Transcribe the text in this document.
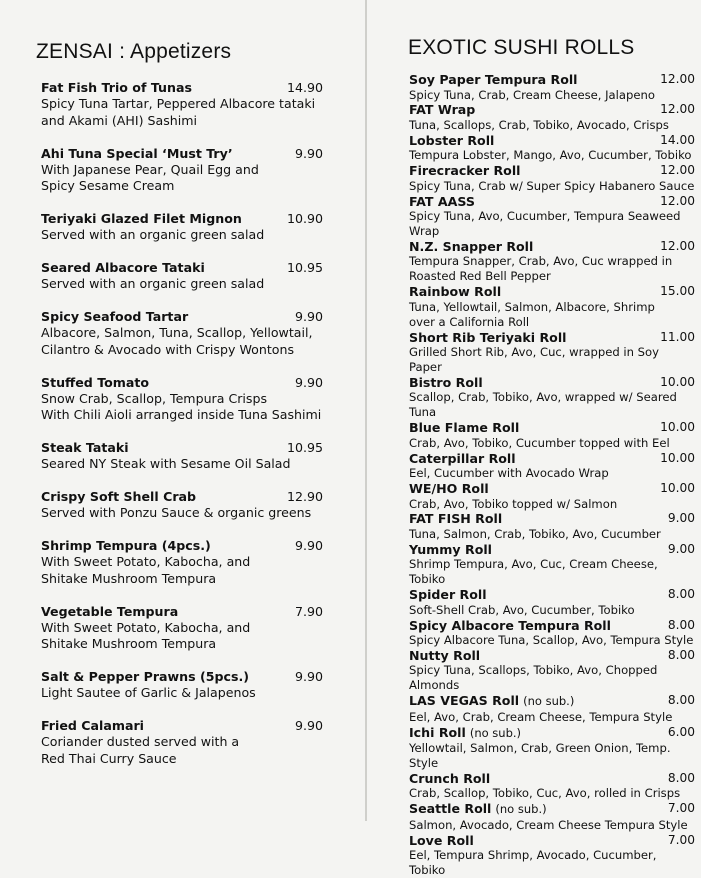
ZENSAI : Appetizers
Fat Fish Trio of Tunas	14.90
Spicy Tuna Tartar, Peppered Albacore tataki
and Akami (AHI) Sashimi
Ahi Tuna Special ‘Must Try’	9.90
With Japanese Pear, Quail Egg and
Spicy Sesame Cream
Teriyaki Glazed Filet Mignon	10.90
Served with an organic green salad
Seared Albacore Tataki	10.95
Served with an organic green salad
Spicy Seafood Tartar	9.90
Albacore, Salmon, Tuna, Scallop, Yellowtail,
Cilantro & Avocado with Crispy Wontons
Stuffed Tomato	9.90
Snow Crab, Scallop, Tempura Crisps
With Chili Aioli arranged inside Tuna Sashimi
Steak Tataki	10.95
Seared NY Steak with Sesame Oil Salad
Crispy Soft Shell Crab	12.90
Served with Ponzu Sauce & organic greens
Shrimp Tempura (4pcs.)	9.90
With Sweet Potato, Kabocha, and
Shitake Mushroom Tempura
Vegetable Tempura	7.90
With Sweet Potato, Kabocha, and
Shitake Mushroom Tempura
Salt & Pepper Prawns (5pcs.)	9.90
Light Sautee of Garlic & Jalapenos
Fried Calamari	9.90
Coriander dusted served with a
Red Thai Curry Sauce
EXOTIC SUSHI ROLLS
Soy Paper Tempura Roll	12.00
Spicy Tuna, Crab, Cream Cheese, Jalapeno
FAT Wrap	12.00
Tuna, Scallops, Crab, Tobiko, Avocado, Crisps
Lobster Roll	14.00
Tempura Lobster, Mango, Avo, Cucumber, Tobiko
Firecracker Roll	12.00
Spicy Tuna, Crab w/ Super Spicy Habanero Sauce
FAT AASS	12.00
Spicy Tuna, Avo, Cucumber, Tempura Seaweed Wrap
N.Z. Snapper Roll	12.00
Tempura Snapper, Crab, Avo, Cuc wrapped in
Roasted Red Bell Pepper
Rainbow Roll	15.00
Tuna, Yellowtail, Salmon, Albacore, Shrimp
over a California Roll
Short Rib Teriyaki Roll	11.00
Grilled Short Rib, Avo, Cuc, wrapped in Soy Paper
Bistro Roll	10.00
Scallop, Crab, Tobiko, Avo, wrapped w/ Seared Tuna
Blue Flame Roll	10.00
Crab, Avo, Tobiko, Cucumber topped with Eel
Caterpillar Roll	10.00
Eel, Cucumber with Avocado Wrap
WE/HO Roll	10.00
Crab, Avo, Tobiko topped w/ Salmon
FAT FISH Roll	9.00
Tuna, Salmon, Crab, Tobiko, Avo, Cucumber
Yummy Roll	9.00
Shrimp Tempura, Avo, Cuc, Cream Cheese, Tobiko
Spider Roll	8.00
Soft-Shell Crab, Avo, Cucumber, Tobiko
Spicy Albacore Tempura Roll	8.00
Spicy Albacore Tuna, Scallop, Avo, Tempura Style
Nutty Roll	8.00
Spicy Tuna, Scallops, Tobiko, Avo, Chopped Almonds
LAS VEGAS Roll (no sub.)	8.00
Eel, Avo, Crab, Cream Cheese, Tempura Style
Ichi Roll (no sub.)	6.00
Yellowtail, Salmon, Crab, Green Onion, Temp. Style
Crunch Roll	8.00
Crab, Scallop, Tobiko, Cuc, Avo, rolled in Crisps
Seattle Roll (no sub.)	7.00
Salmon, Avocado, Cream Cheese Tempura Style
Love Roll	7.00
Eel, Tempura Shrimp, Avocado, Cucumber, Tobiko
